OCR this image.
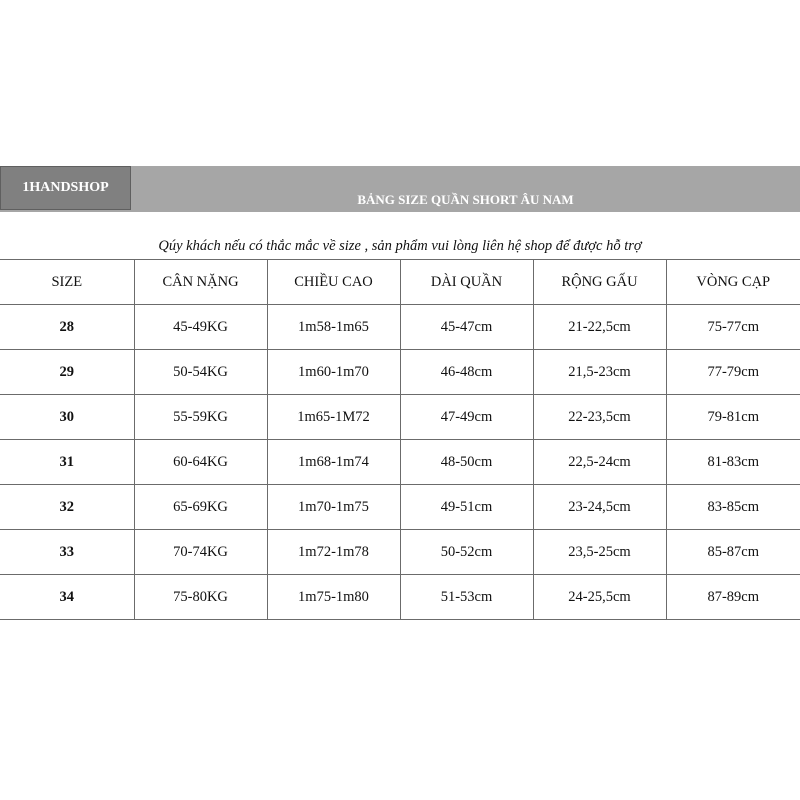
1HANDSHOP
BẢNG SIZE QUẦN SHORT ÂU NAM
Qúy khách nếu có thắc mắc về size , sản phẩm vui lòng liên hệ shop để được hỗ trợ
SIZE	CÂN NẶNG	CHIỀU CAO	DÀI QUẦN	RỘNG GẤU	VÒNG CẠP
28	45-49KG	1m58-1m65	45-47cm	21-22,5cm	75-77cm
29	50-54KG	1m60-1m70	46-48cm	21,5-23cm	77-79cm
30	55-59KG	1m65-1M72	47-49cm	22-23,5cm	79-81cm
31	60-64KG	1m68-1m74	48-50cm	22,5-24cm	81-83cm
32	65-69KG	1m70-1m75	49-51cm	23-24,5cm	83-85cm
33	70-74KG	1m72-1m78	50-52cm	23,5-25cm	85-87cm
34	75-80KG	1m75-1m80	51-53cm	24-25,5cm	87-89cm
